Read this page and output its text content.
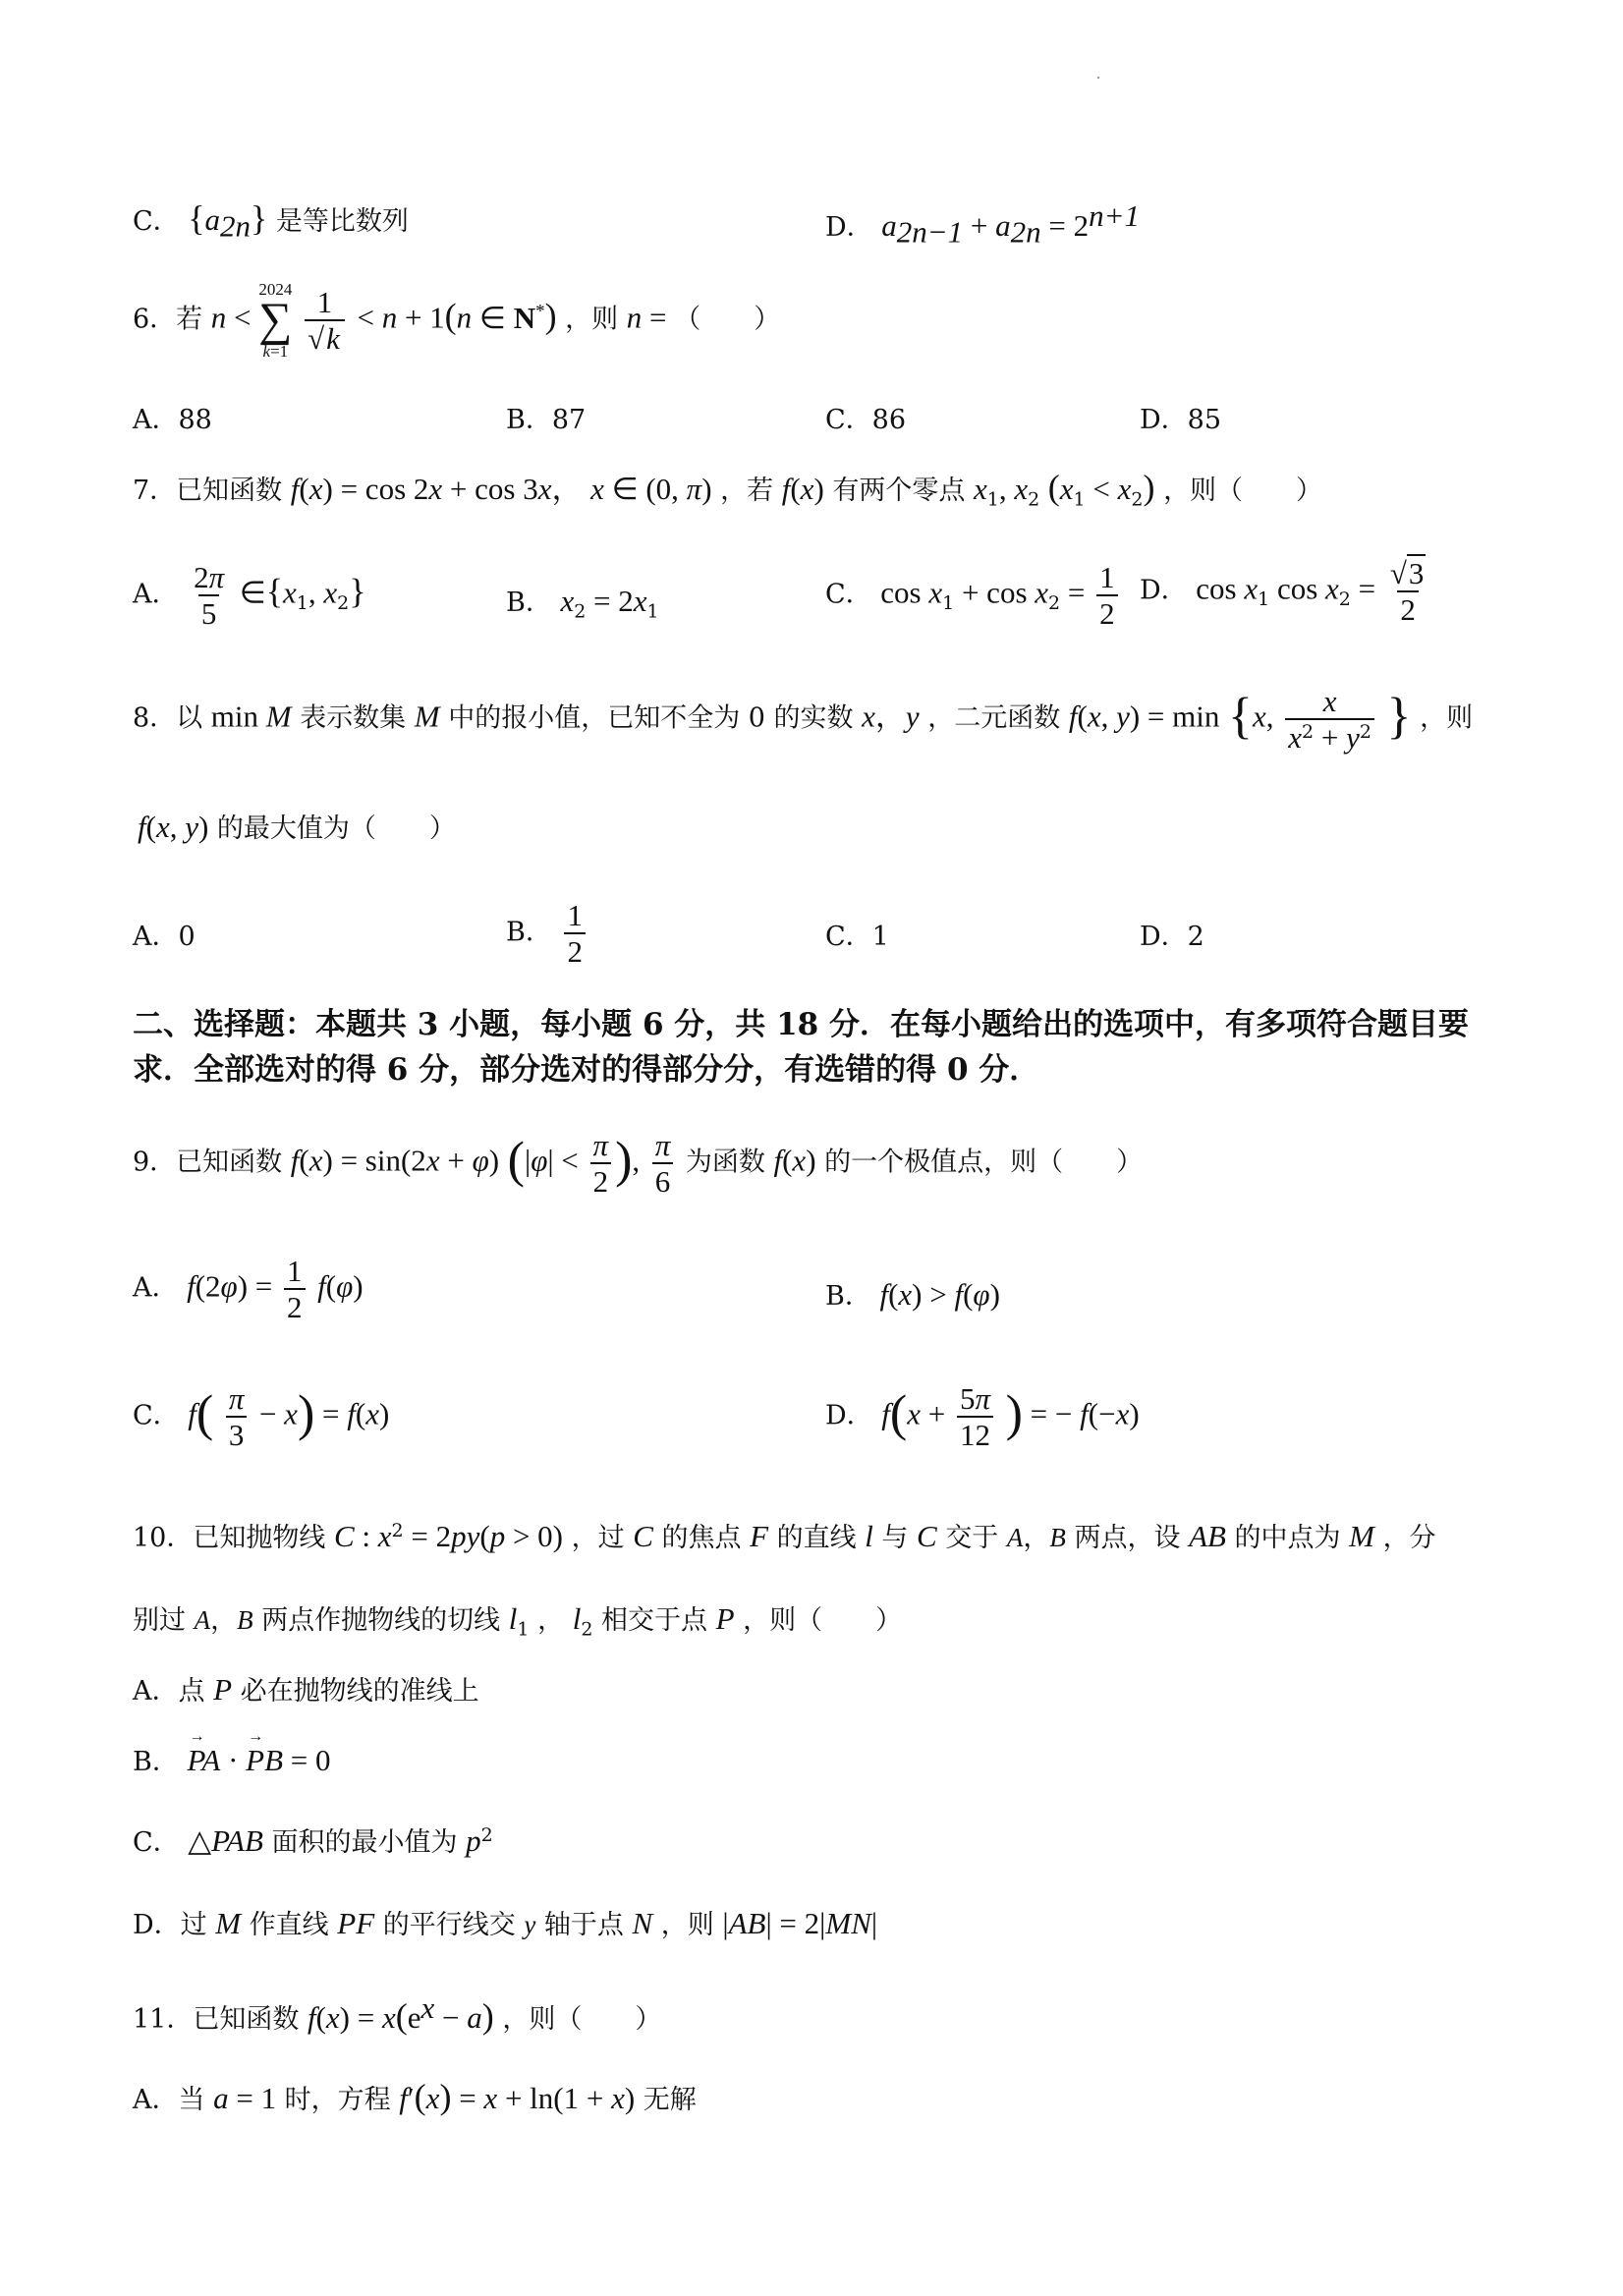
C． $\{a_{2n}\}$ 是等比数列	D． $a_{2n-1} + a_{2n} = 2^{n+1}$
6．若 n <
2024
∑
k=1
$\frac{1}{√k} < n + 1(n$ ∈ N*) ，则 n = （　　）
A．88	B．87	C．86	D．85
7．已知函数 f(x) = cos 2x + cos 3x， x ∈ (0, π) ，若 f(x) 有两个零点 $x_1$, $x_2$ $(x_1 < x_2)$ ，则（　　）
A． $\frac{2\pi}{5}$ $\in\{x_1$, $x_2$}	B． $x_2 = 2x_1$
C． $\cos x_1 + \cos x_2 = \frac{1}{2}$ D． $\cos x_1$ $\cos x_2 = \frac{√3}{2}$
8．以 min M 表示数集 M 中的报小值，已知不全为 0 的实数 x，y ，二元函数 f(x, y) = min {x, $\frac{x}{x^2 + y^2}$ } ，则
f(x, y) 的最大值为（　　）
A．0	B． $\frac{1}{2}$	C．1	D．2
二、选择题：本题共 3 小题，每小题 6 分，共 18 分．在每小题给出的选项中，有多项符合题目要求．全部选对的得 6 分，部分选对的得部分分，有选错的得 0 分．
9．已知函数 f(x) = sin(2x + φ) ($|\varphi| < \frac{\pi}{2}$ ), $\frac{\pi}{6}$ 为函数 f(x) 的一个极值点，则（　　）
A． $f(2\varphi) = \frac{1}{2} f(\varphi)$	B． f(x) > f(φ)
C． $f( \frac{\pi}{3} - x) = f(x)$	D． $f(x + \frac{5\pi}{12}$ ) = − f(−x)
10．已知抛物线 C : $x^2 = 2py(p > 0)$ ，过 C 的焦点 F 的直线 l 与 C 交于 A，B 两点，设 AB 的中点为 M ，分
别过 A，B 两点作抛物线的切线 $l_1$ ， $l_2$ 相交于点 P ，则（　　）
A．点 P 必在抛物线的准线上
B． PA
→
· PB
→
= 0
C． △PAB 面积的最小值为 $p^2$
D．过 M 作直线 PF 的平行线交 y 轴于点 N ，则 |AB| = 2|MN|
11．已知函数 $f(x) = x(e^x - a)$ ，则（　　）
A．当 a = 1 时，方程 f′(x) = x + ln(1 + x) 无解
